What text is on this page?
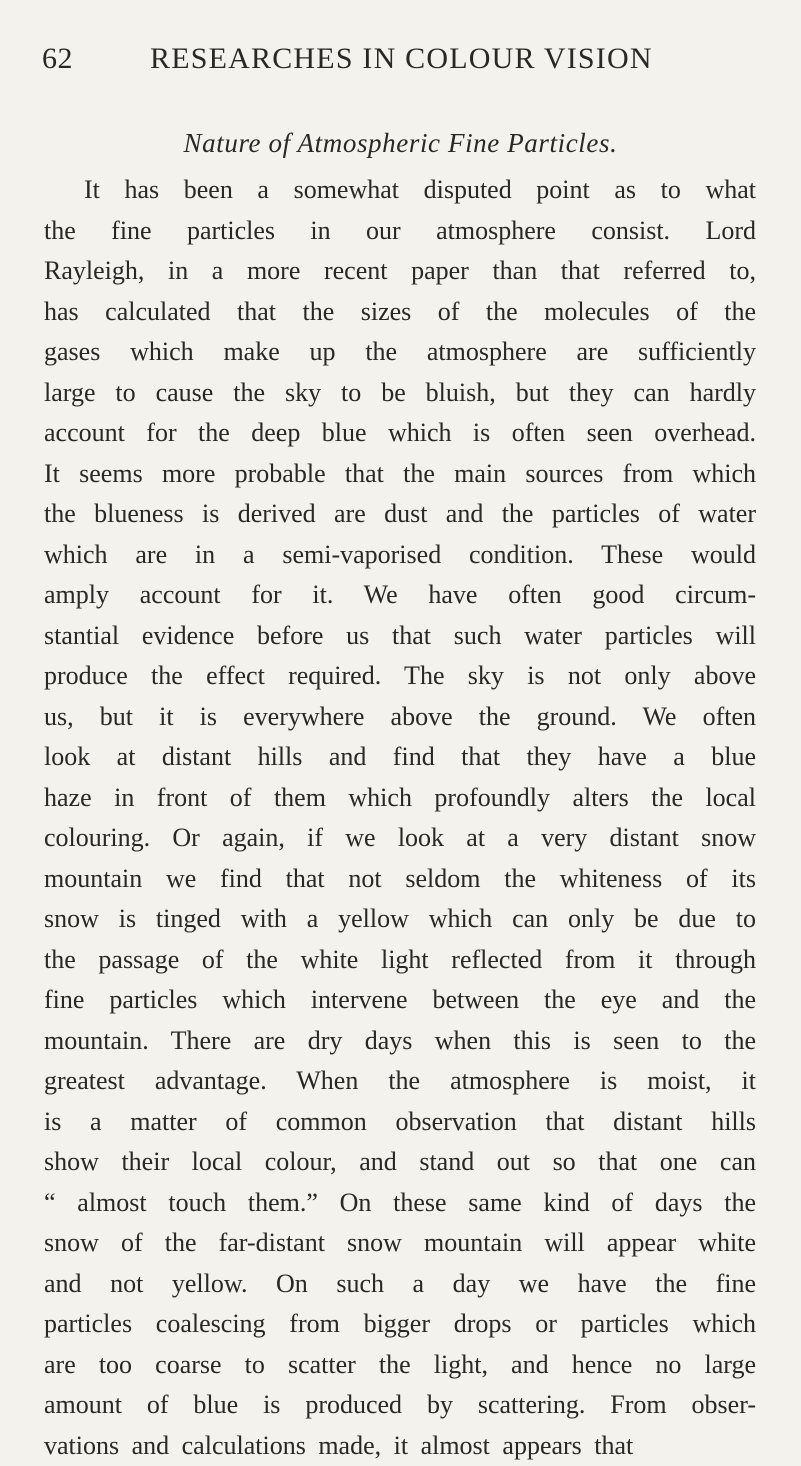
62	RESEARCHES IN COLOUR VISION
Nature of Atmospheric Fine Particles.
It has been a somewhat disputed point as to what
the fine particles in our atmosphere consist. Lord
Rayleigh, in a more recent paper than that referred to,
has calculated that the sizes of the molecules of the
gases which make up the atmosphere are sufficiently
large to cause the sky to be bluish, but they can hardly
account for the deep blue which is often seen overhead.
It seems more probable that the main sources from which
the blueness is derived are dust and the particles of water
which are in a semi-vaporised condition. These would
amply account for it. We have often good circum-
stantial evidence before us that such water particles will
produce the effect required. The sky is not only above
us, but it is everywhere above the ground. We often
look at distant hills and find that they have a blue
haze in front of them which profoundly alters the local
colouring. Or again, if we look at a very distant snow
mountain we find that not seldom the whiteness of its
snow is tinged with a yellow which can only be due to
the passage of the white light reflected from it through
fine particles which intervene between the eye and the
mountain. There are dry days when this is seen to the
greatest advantage. When the atmosphere is moist, it
is a matter of common observation that distant hills
show their local colour, and stand out so that one can
“ almost touch them.” On these same kind of days the
snow of the far-distant snow mountain will appear white
and not yellow. On such a day we have the fine
particles coalescing from bigger drops or particles which
are too coarse to scatter the light, and hence no large
amount of blue is produced by scattering. From obser-
vations and calculations made, it almost appears that
